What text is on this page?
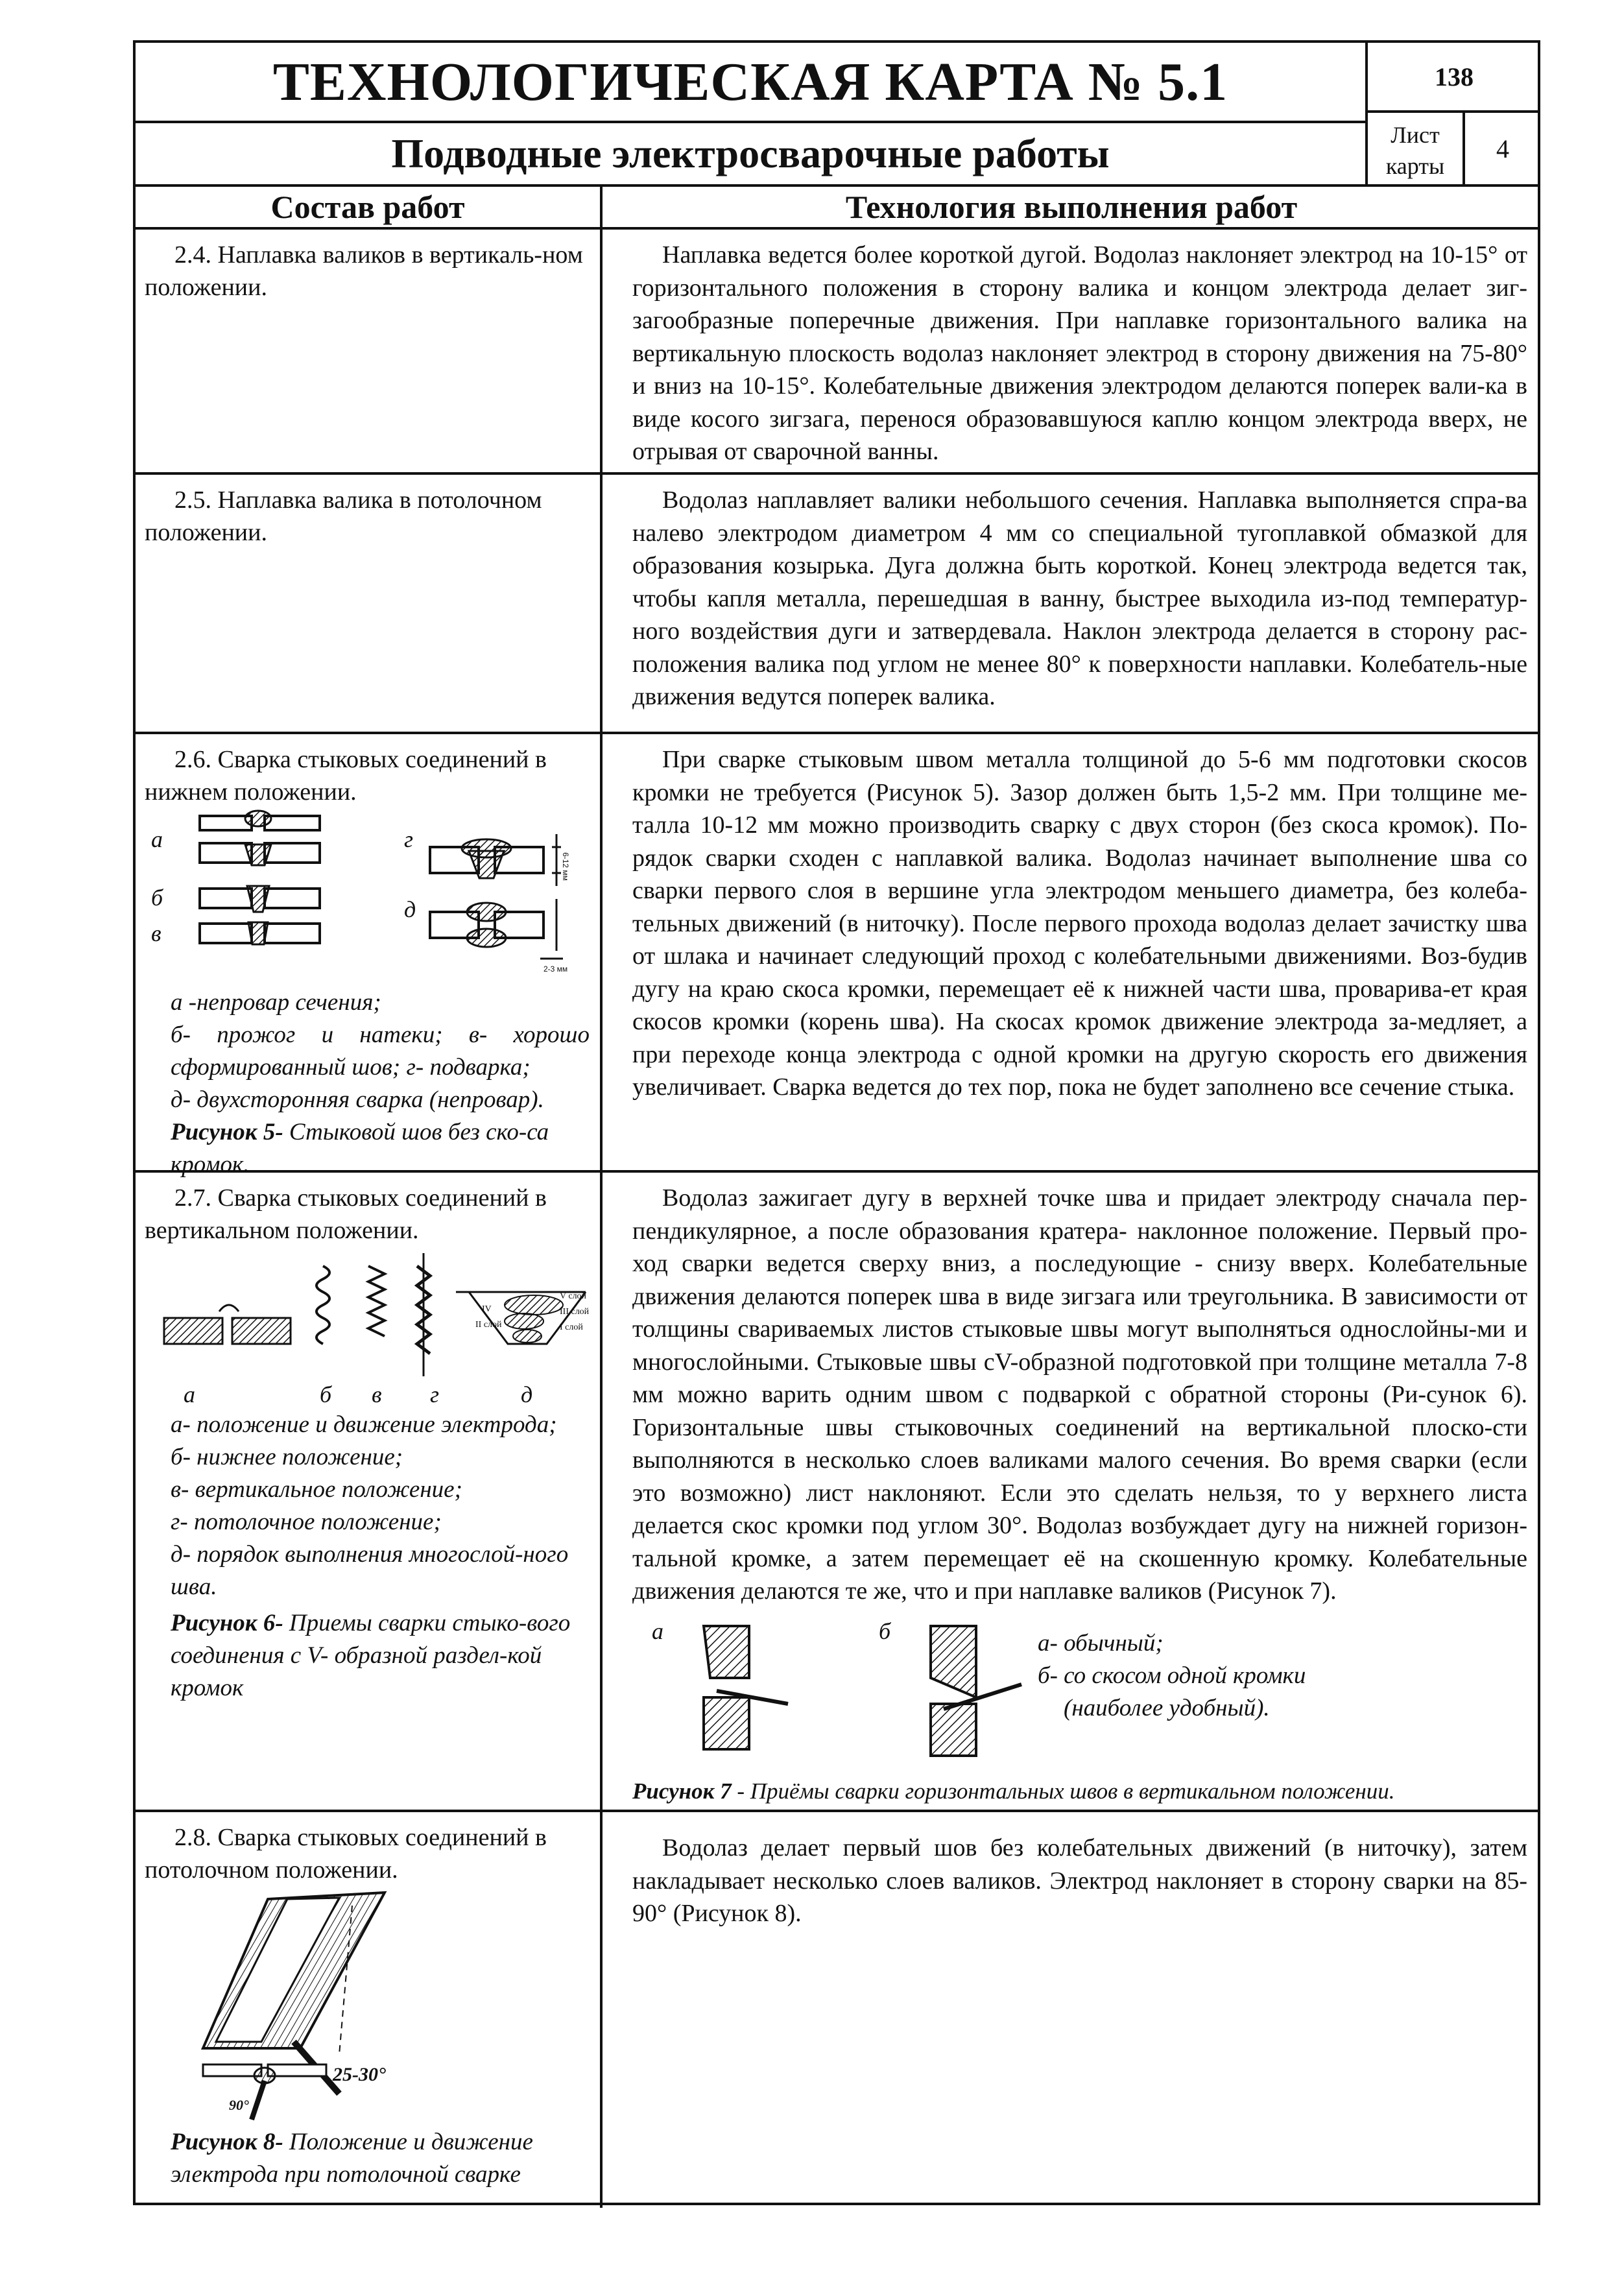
ТЕХНОЛОГИЧЕСКАЯ КАРТА № 5.1
Подводные электросварочные работы
138
Лист карты
4
Состав работ	Технология выполнения работ
2.4. Наплавка валиков в вертикаль-ном положении.
Наплавка ведется более короткой дугой. Водолаз наклоняет электрод на 10-15° от горизонтального положения в сторону валика и концом электрода делает зиг-загообразные поперечные движения. При наплавке горизонтального валика на вертикальную плоскость водолаз наклоняет электрод в сторону движения на 75-80° и вниз на 10-15°. Колебательные движения электродом делаются поперек вали-ка в виде косого зигзага, перенося образовавшуюся каплю концом электрода вверх, не отрывая от сварочной ванны.
2.5. Наплавка валика в потолочном положении.
Водолаз наплавляет валики небольшого сечения. Наплавка выполняется спра-ва налево электродом диаметром 4 мм со специальной тугоплавкой обмазкой для образования козырька. Дуга должна быть короткой. Конец электрода ведется так, чтобы капля металла, перешедшая в ванну, быстрее выходила из-под температур-ного воздействия дуги и затвердевала. Наклон электрода делается в сторону рас-положения валика под углом не менее 80° к поверхности наплавки. Колебатель-ные движения ведутся поперек валика.
2.6. Сварка стыковых соединений в нижнем положении.
а	г
б	д
в
6-12 мм
2-3 мм
а -непровар сечения;
б- прожог и натеки; в- хорошо сформированный шов; г- подварка;
д- двухсторонняя сварка (непровар).
Рисунок 5- Стыковой шов без ско-са кромок.
При сварке стыковым швом металла толщиной до 5-6 мм подготовки скосов кромки не требуется (Рисунок 5). Зазор должен быть 1,5-2 мм. При толщине ме-талла 10-12 мм можно производить сварку с двух сторон (без скоса кромок). По-рядок сварки сходен с наплавкой валика. Водолаз начинает выполнение шва со сварки первого слоя в вершине угла электродом меньшего диаметра, без колеба-тельных движений (в ниточку). После первого прохода водолаз делает зачистку шва от шлака и начинает следующий проход с колебательными движениями. Воз-будив дугу на краю скоса кромки, перемещает её к нижней части шва, проварива-ет края скосов кромки (корень шва). На скосах кромок движение электрода за-медляет, а при переходе конца электрода с одной кромки на другую скорость его движения увеличивает. Сварка ведется до тех пор, пока не будет заполнено все сечение стыка.
2.7. Сварка стыковых соединений в вертикальном положении.
V слой
IV	III слой
II слой	I слой
а	б в г	д
а- положение и движение электрода;
б- нижнее положение;
в- вертикальное положение;
г- потолочное положение;
д- порядок выполнения многослой-ного шва.
Рисунок 6- Приемы сварки стыко-вого соединения с V- образной раздел-кой кромок
Водолаз зажигает дугу в верхней точке шва и придает электроду сначала пер-пендикулярное, а после образования кратера- наклонное положение. Первый про-ход сварки ведется сверху вниз, а последующие - снизу вверх. Колебательные движения делаются поперек шва в виде зигзага или треугольника. В зависимости от толщины свариваемых листов стыковые швы могут выполняться однослойны-ми и многослойными. Стыковые швы сV-образной подготовкой при толщине металла 7-8 мм можно варить одним швом с подваркой с обратной стороны (Ри-сунок 6). Горизонтальные швы стыковочных соединений на вертикальной плоско-сти выполняются в несколько слоев валиками малого сечения. Во время сварки (если это возможно) лист наклоняют. Если это сделать нельзя, то у верхнего листа делается скос кромки под углом 30°. Водолаз возбуждает дугу на нижней горизон-тальной кромке, а затем перемещает её на скошенную кромку. Колебательные движения делаются те же, что и при наплавке валиков (Рисунок 7).
а	б	а- обычный;
б- со скосом одной кромки
(наиболее удобный).
Рисунок 7 - Приёмы сварки горизонтальных швов в вертикальном положении.
2.8. Сварка стыковых соединений в потолочном положении.
25-30°
90°
Рисунок 8- Положение и движение электрода при потолочной сварке
Водолаз делает первый шов без колебательных движений (в ниточку), затем накладывает несколько слоев валиков. Электрод наклоняет в сторону сварки на 85-90° (Рисунок 8).
